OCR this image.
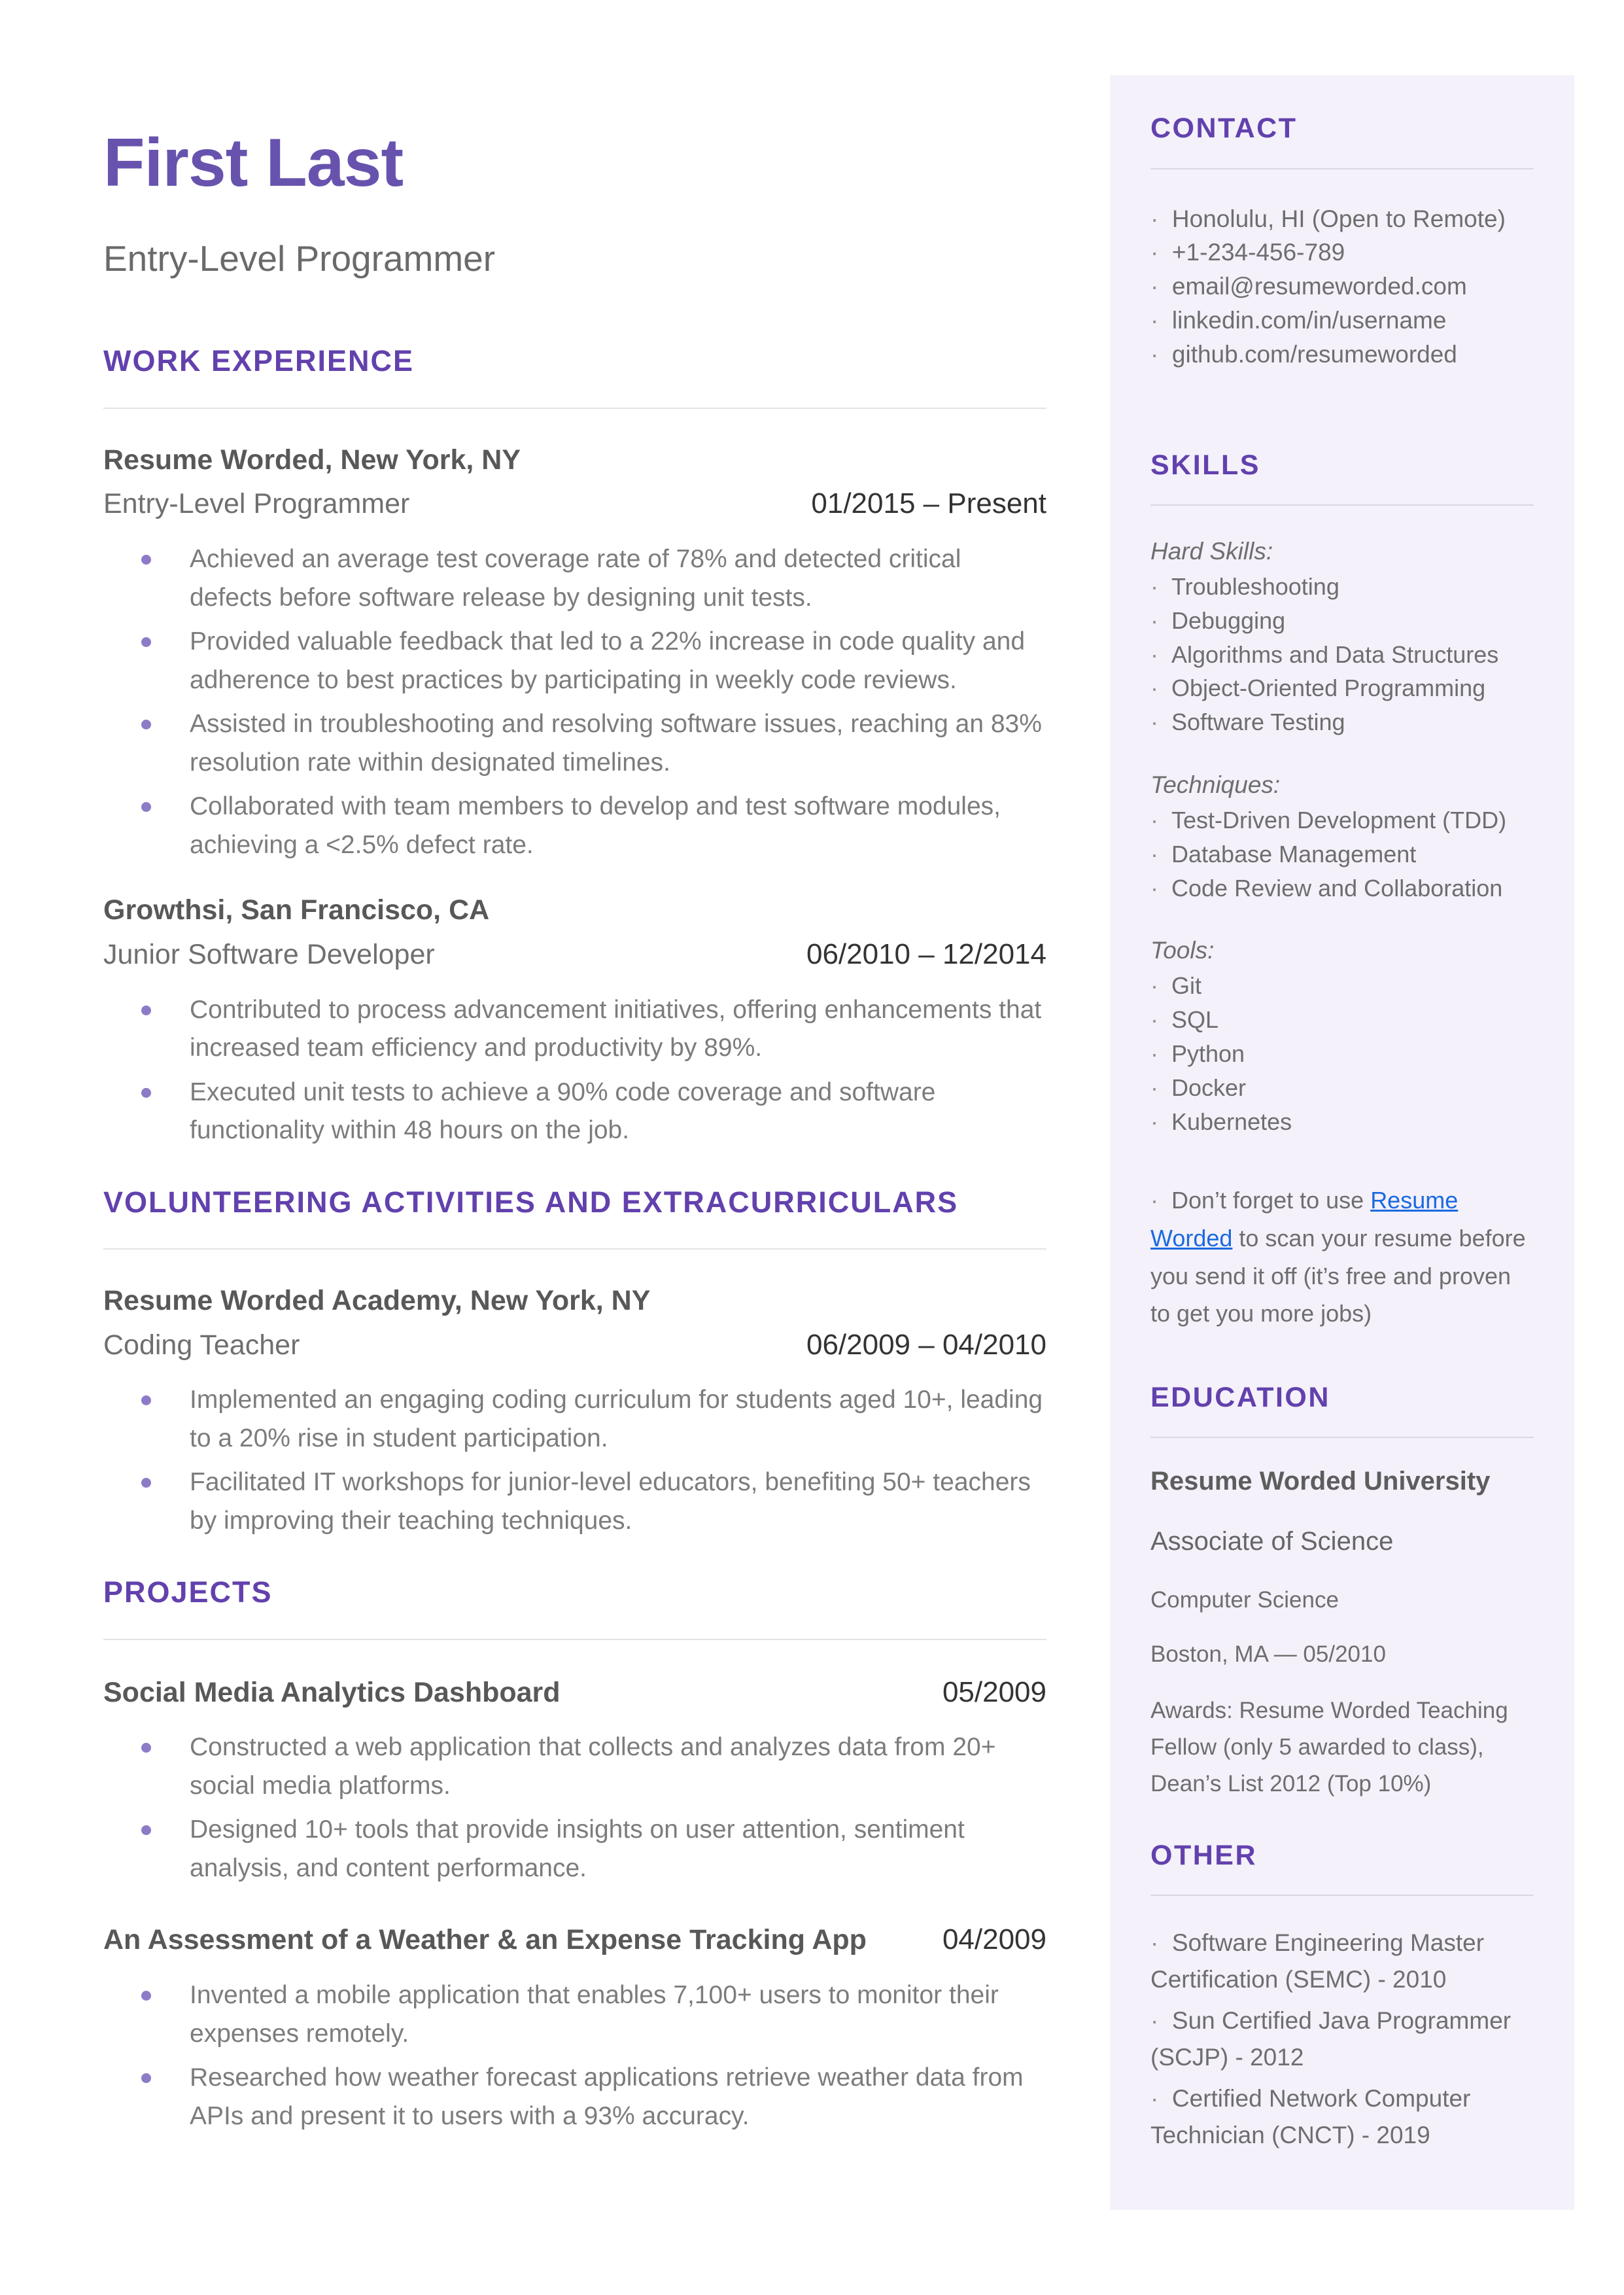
First Last

Entry-Level Programmer

WORK EXPERIENCE
Resume Worded, New York, NY
Entry-Level Programmer	01/2015 – Present
Achieved an average test coverage rate of 78% and detected critical defects before software release by designing unit tests.
Provided valuable feedback that led to a 22% increase in code quality and adherence to best practices by participating in weekly code reviews.
Assisted in troubleshooting and resolving software issues, reaching an 83% resolution rate within designated timelines.
Collaborated with team members to develop and test software modules, achieving a <2.5% defect rate.
Growthsi, San Francisco, CA
Junior Software Developer	06/2010 – 12/2014
Contributed to process advancement initiatives, offering enhancements that increased team efficiency and productivity by 89%.
Executed unit tests to achieve a 90% code coverage and software functionality within 48 hours on the job.
VOLUNTEERING ACTIVITIES AND EXTRACURRICULARS
Resume Worded Academy, New York, NY
Coding Teacher	06/2009 – 04/2010
Implemented an engaging coding curriculum for students aged 10+, leading to a 20% rise in student participation.
Facilitated IT workshops for junior-level educators, benefiting 50+ teachers by improving their teaching techniques.
PROJECTS
Social Media Analytics Dashboard	05/2009
Constructed a web application that collects and analyzes data from 20+ social media platforms.
Designed 10+ tools that provide insights on user attention, sentiment analysis, and content performance.
An Assessment of a Weather & an Expense Tracking App	04/2009
Invented a mobile application that enables 7,100+ users to monitor their expenses remotely.
Researched how weather forecast applications retrieve weather data from APIs and present it to users with a 93% accuracy.
CONTACT
·  Honolulu, HI (Open to Remote)
·  +1-234-456-789
·  email@resumeworded.com
·  linkedin.com/in/username
·  github.com/resumeworded
SKILLS

Hard Skills:

·  Troubleshooting
·  Debugging
·  Algorithms and Data Structures
·  Object-Oriented Programming
·  Software Testing

Techniques:

·  Test-Driven Development (TDD)
·  Database Management
·  Code Review and Collaboration

Tools:

·  Git
·  SQL
·  Python
·  Docker
·  Kubernetes

· Don’t forget to use Resume Worded to scan your resume before you send it off (it’s free and proven to get you more jobs)

EDUCATION

Resume Worded University

Associate of Science

Computer Science

Boston, MA — 05/2010

Awards: Resume Worded Teaching Fellow (only 5 awarded to class), Dean’s List 2012 (Top 10%)

OTHER
·  Software Engineering Master Certification (SEMC) - 2010
·  Sun Certified Java Programmer (SCJP) - 2012
·  Certified Network Computer Technician (CNCT) - 2019
